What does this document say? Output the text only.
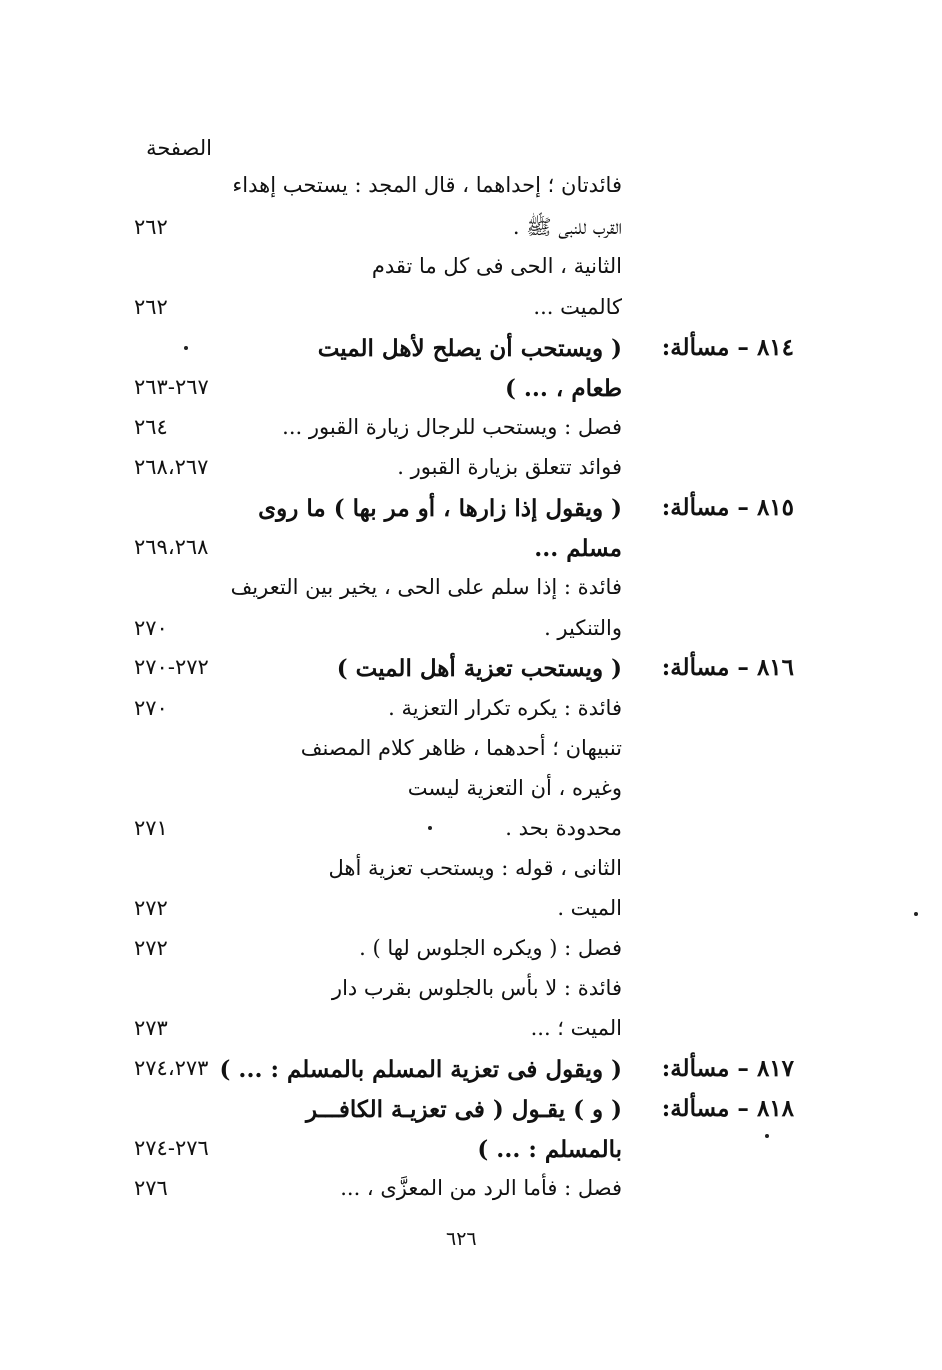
الصفحة
فائدتان ؛ إحداهما ، قال المجد : يستحب إهداء
القرب للنبى ﷺ .
٢٦٢
الثانية ، الحى فى كل ما تقدم
كالميت ...
٢٦٢
٨١٤ – مسألة:
( ويستحب أن يصلح لأهل الميت
طعام ، ... )
٢٦٧-٢٦٣
فصل : ويستحب للرجال زيارة القبور ...
٢٦٤
فوائد تتعلق بزيارة القبور .
٢٦٨،٢٦٧
٨١٥ – مسألة:
( ويقول إذا زارها ، أو مر بها ) ما روى
مسلم ...
٢٦٩،٢٦٨
فائدة : إذا سلم على الحى ، يخير بين التعريف
والتنكير .
٢٧٠
٨١٦ – مسألة:
( ويستحب تعزية أهل الميت )
٢٧٢-٢٧٠
فائدة : يكره تكرار التعزية .
٢٧٠
تنبيهان ؛ أحدهما ، ظاهر كلام المصنف
وغيره ، أن التعزية ليست
محدودة بحد .
٢٧١
الثانى ، قوله : ويستحب تعزية أهل
الميت .
٢٧٢
فصل : ( ويكره الجلوس لها ) .
٢٧٢
فائدة : لا بأس بالجلوس بقرب دار
الميت ؛ ...
٢٧٣
٨١٧ – مسألة:
( ويقول فى تعزية المسلم بالمسلم : ... )
٢٧٤،٢٧٣
٨١٨ – مسألة:
( و ) يقـول ( فى تعزيـة الكافـــر
بالمسلم : ... )
٢٧٦-٢٧٤
فصل : فأما الرد من المعزَّى ، ...
٢٧٦
٦٢٦
